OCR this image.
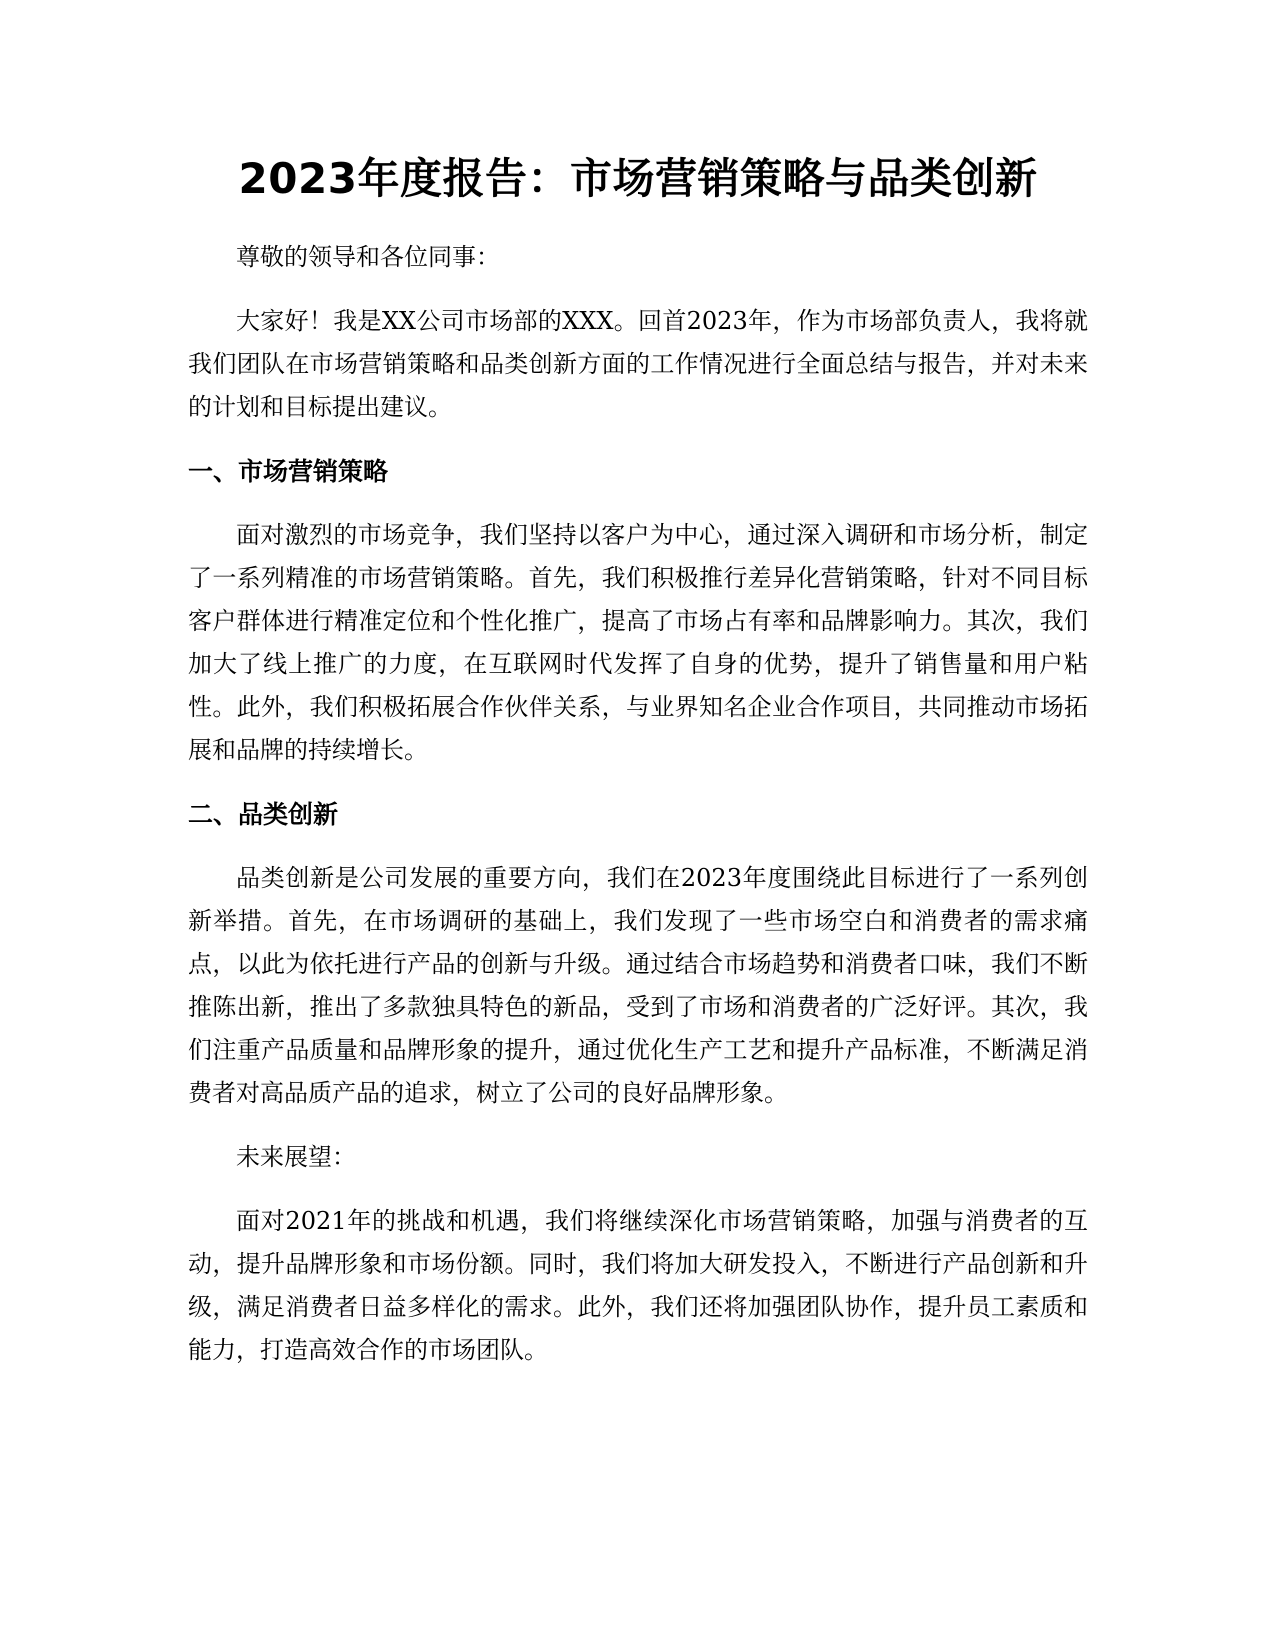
2023年度报告：市场营销策略与品类创新

尊敬的领导和各位同事：

大家好！我是XX公司市场部的XXX。回首2023年，作为市场部负责人，我将就我们团队在市场营销策略和品类创新方面的工作情况进行全面总结与报告，并对未来的计划和目标提出建议。

一、市场营销策略

面对激烈的市场竞争，我们坚持以客户为中心，通过深入调研和市场分析，制定了一系列精准的市场营销策略。首先，我们积极推行差异化营销策略，针对不同目标客户群体进行精准定位和个性化推广，提高了市场占有率和品牌影响力。其次，我们加大了线上推广的力度，在互联网时代发挥了自身的优势，提升了销售量和用户粘性。此外，我们积极拓展合作伙伴关系，与业界知名企业合作项目，共同推动市场拓展和品牌的持续增长。

二、品类创新

品类创新是公司发展的重要方向，我们在2023年度围绕此目标进行了一系列创新举措。首先，在市场调研的基础上，我们发现了一些市场空白和消费者的需求痛点，以此为依托进行产品的创新与升级。通过结合市场趋势和消费者口味，我们不断推陈出新，推出了多款独具特色的新品，受到了市场和消费者的广泛好评。其次，我们注重产品质量和品牌形象的提升，通过优化生产工艺和提升产品标准，不断满足消费者对高品质产品的追求，树立了公司的良好品牌形象。

未来展望：

面对2021年的挑战和机遇，我们将继续深化市场营销策略，加强与消费者的互动，提升品牌形象和市场份额。同时，我们将加大研发投入，不断进行产品创新和升级，满足消费者日益多样化的需求。此外，我们还将加强团队协作，提升员工素质和能力，打造高效合作的市场团队。
